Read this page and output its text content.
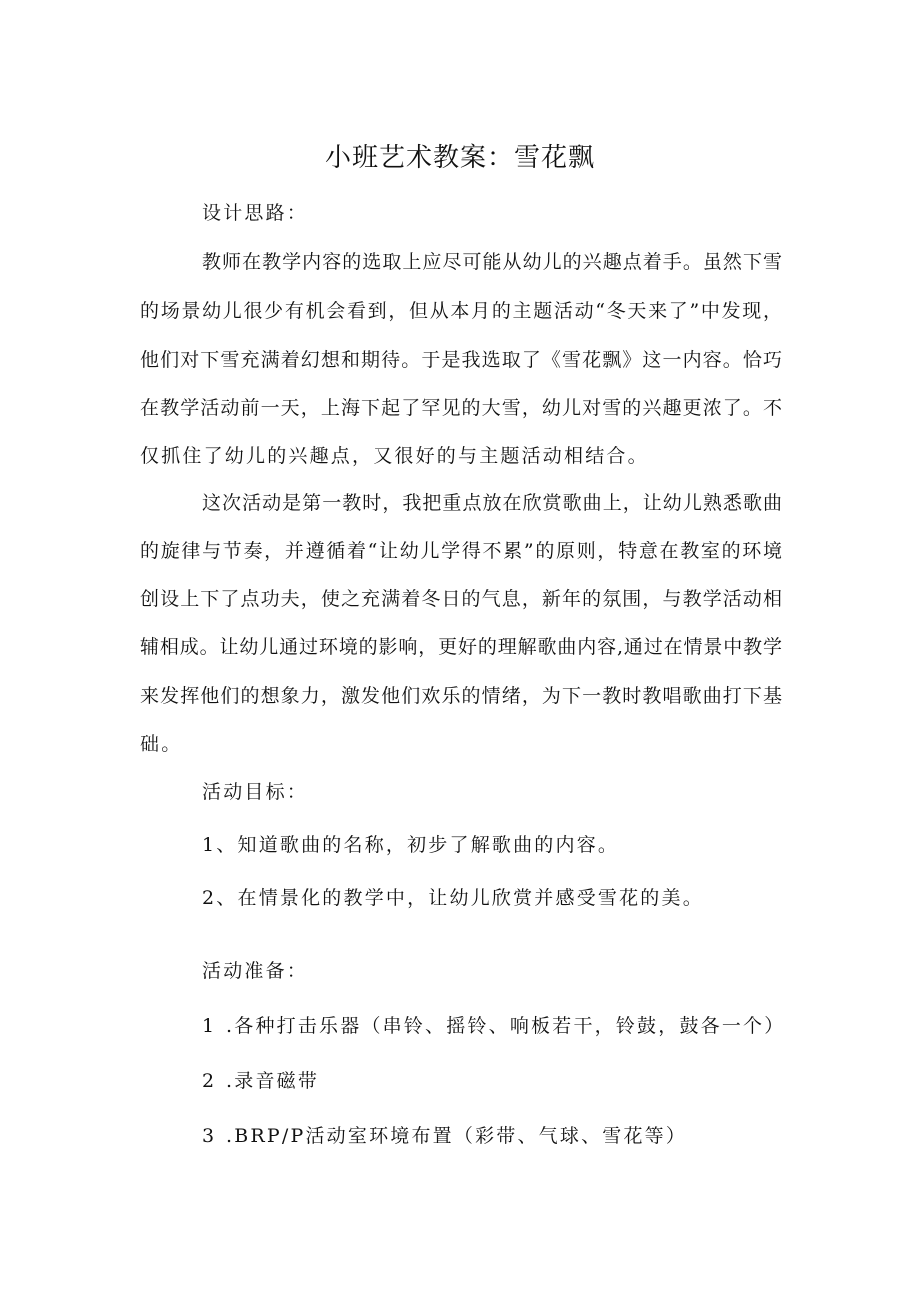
小班艺术教案：雪花飘
设计思路：
教师在教学内容的选取上应尽可能从幼儿的兴趣点着手。虽然下雪
的场景幼儿很少有机会看到，但从本月的主题活动“冬天来了”中发现，
他们对下雪充满着幻想和期待。于是我选取了《雪花飘》这一内容。恰巧
在教学活动前一天，上海下起了罕见的大雪，幼儿对雪的兴趣更浓了。不
仅抓住了幼儿的兴趣点，又很好的与主题活动相结合。
这次活动是第一教时，我把重点放在欣赏歌曲上，让幼儿熟悉歌曲
的旋律与节奏，并遵循着“让幼儿学得不累”的原则，特意在教室的环境
创设上下了点功夫，使之充满着冬日的气息，新年的氛围，与教学活动相
辅相成。让幼儿通过环境的影响，更好的理解歌曲内容,通过在情景中教学
来发挥他们的想象力，激发他们欢乐的情绪，为下一教时教唱歌曲打下基
础。
活动目标：
1、知道歌曲的名称，初步了解歌曲的内容。
2、在情景化的教学中，让幼儿欣赏并感受雪花的美。
活动准备：
1 .各种打击乐器（串铃、摇铃、响板若干，铃鼓，鼓各一个）
2 .录音磁带
3 .BRP/P活动室环境布置（彩带、气球、雪花等）
